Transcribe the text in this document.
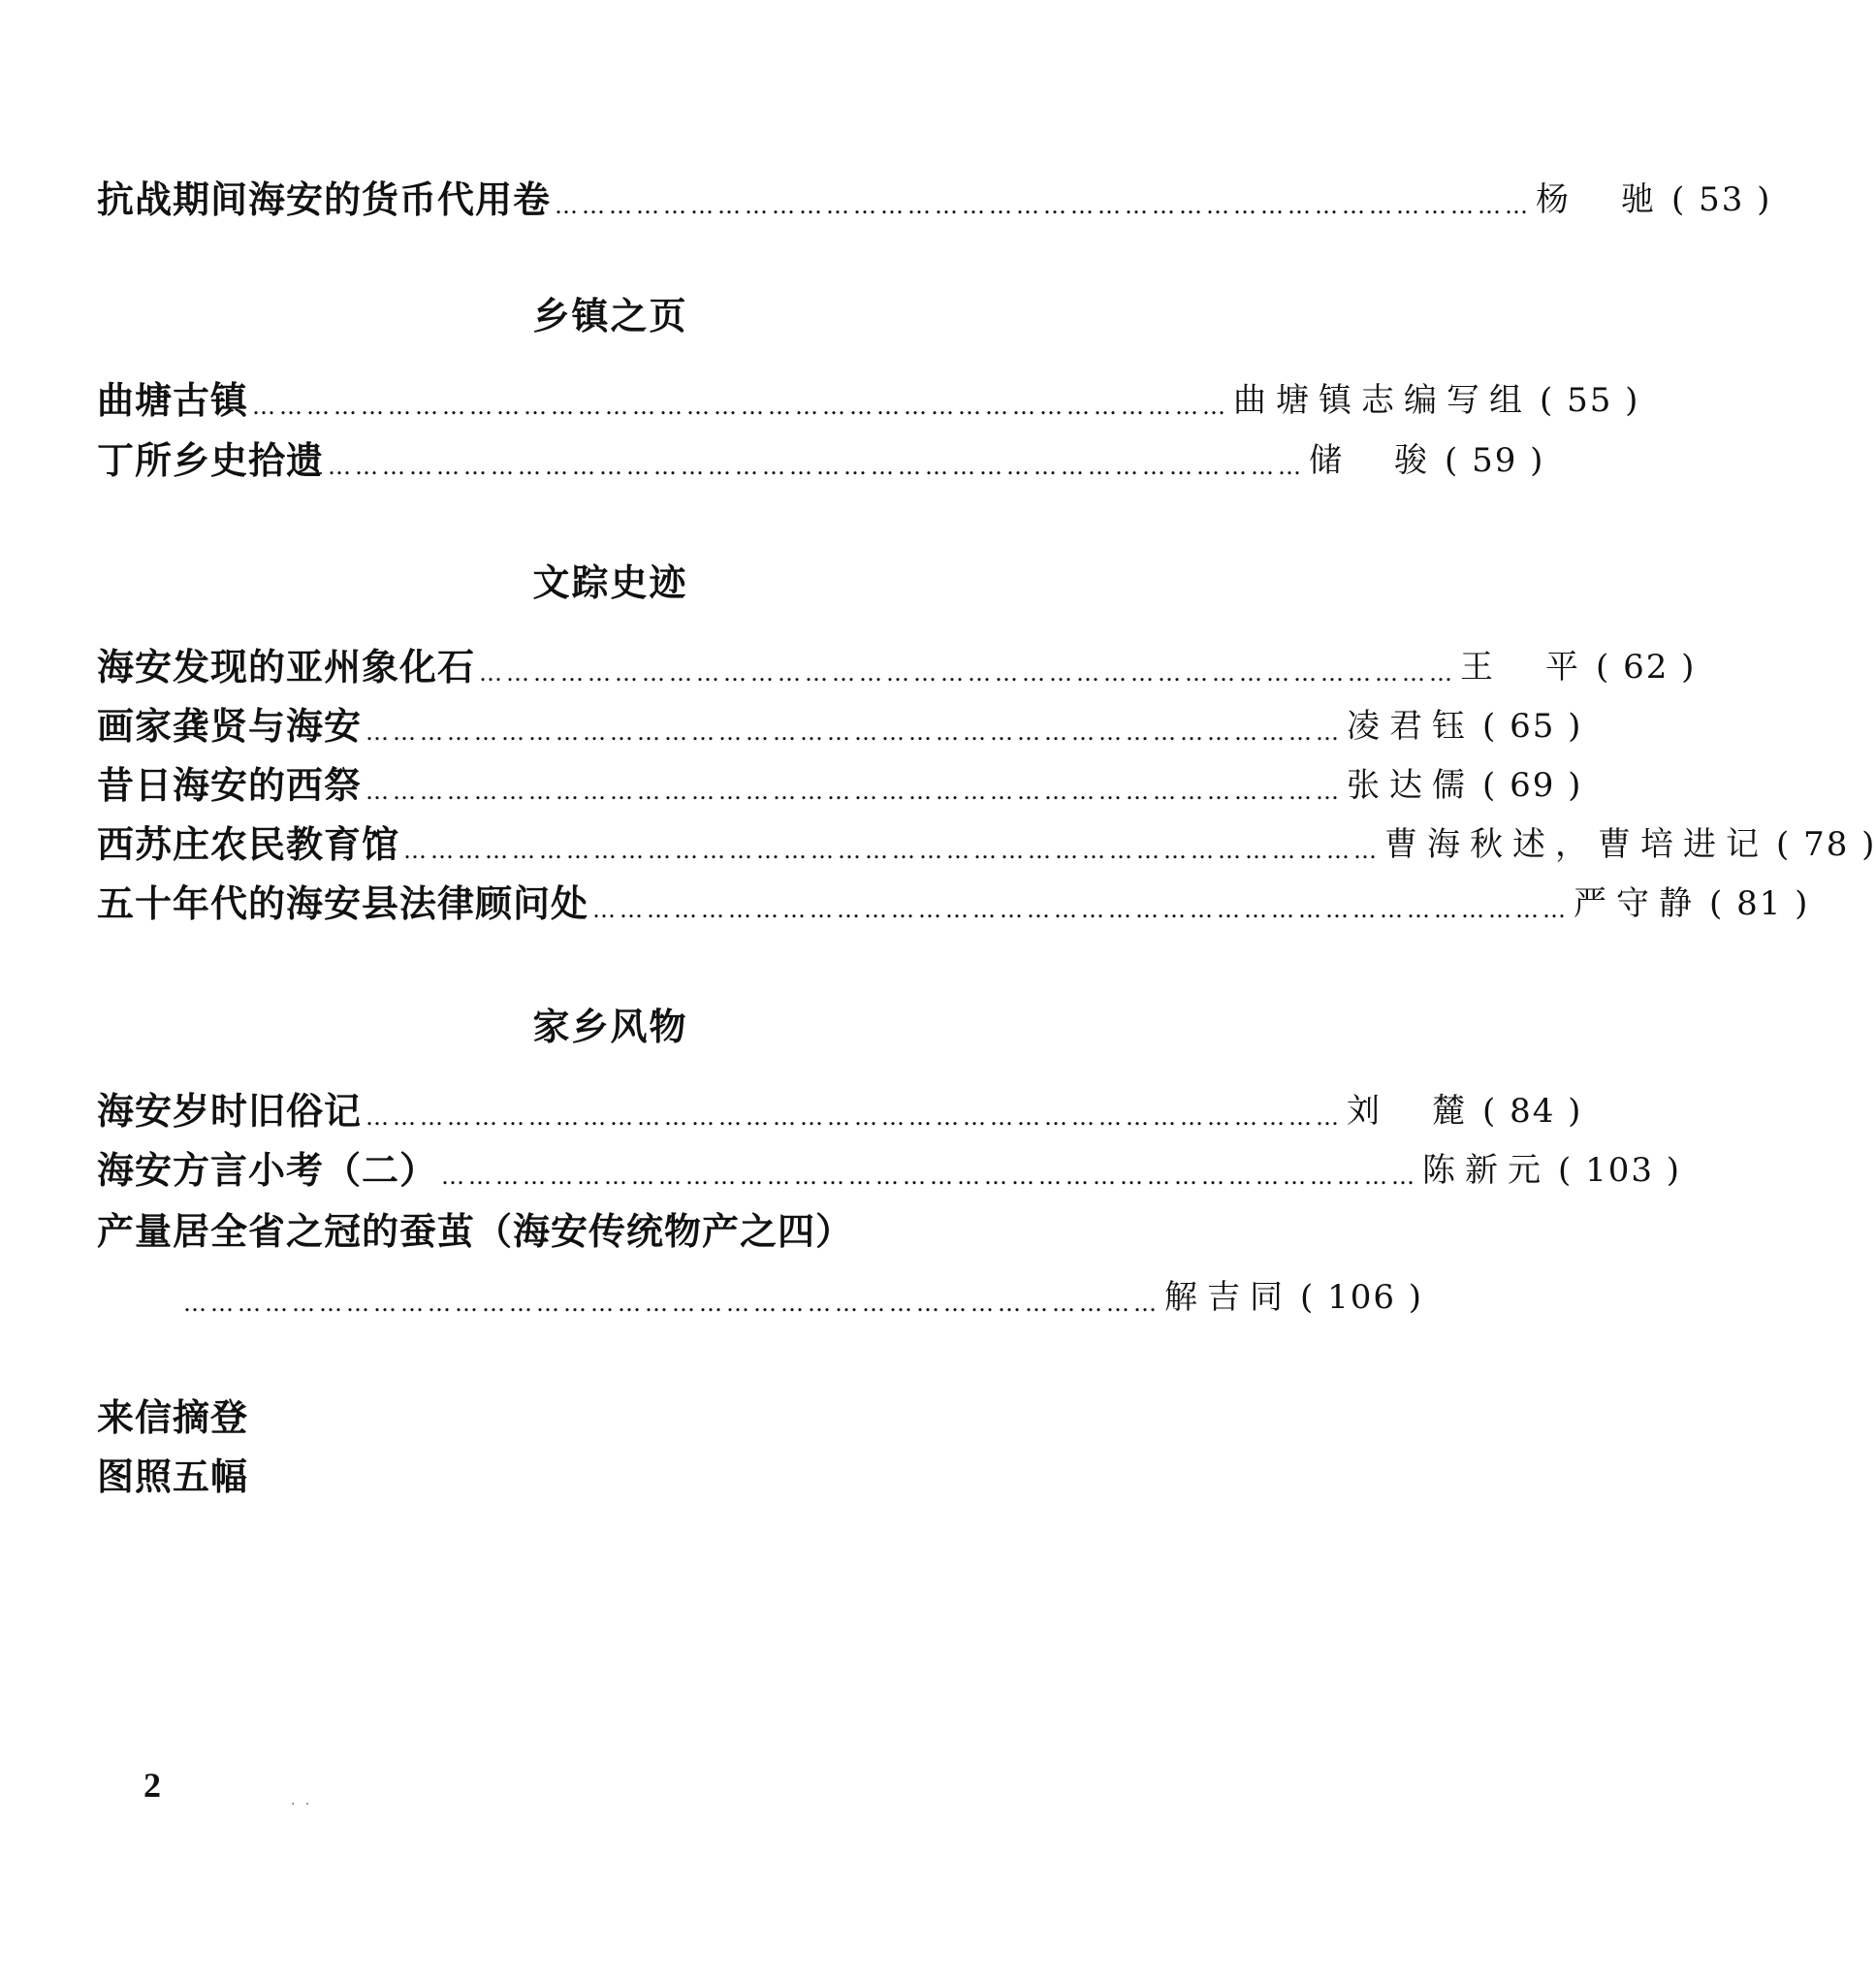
抗战期间海安的货币代用卷 ……………………………………………………………………………………………… 杨　驰 ( 53 )
乡镇之页
曲塘古镇 ……………………………………………………………………………………………… 曲塘镇志编写组 ( 55 )
丁所乡史拾遗 ……………………………………………………………………………………………… 储　骏 ( 59 )
文踪史迹
海安发现的亚州象化石 ……………………………………………………………………………………………… 王　平 ( 62 )
画家龚贤与海安 ……………………………………………………………………………………………… 凌君钰 ( 65 )
昔日海安的西祭 ……………………………………………………………………………………………… 张达儒 ( 69 )
西苏庄农民教育馆 ……………………………………………………………………………………………… 曹海秋述，曹培进记 ( 78 )
五十年代的海安县法律顾问处 ……………………………………………………………………………………………… 严守静 ( 81 )
家乡风物
海安岁时旧俗记 ……………………………………………………………………………………………… 刘　麓 ( 84 )
海安方言小考（二） ……………………………………………………………………………………………… 陈新元 ( 103 )
产量居全省之冠的蚕茧（海安传统物产之四）
……………………………………………………………………………………………… 解吉同 ( 106 )
来信摘登
图照五幅
2	· ·
